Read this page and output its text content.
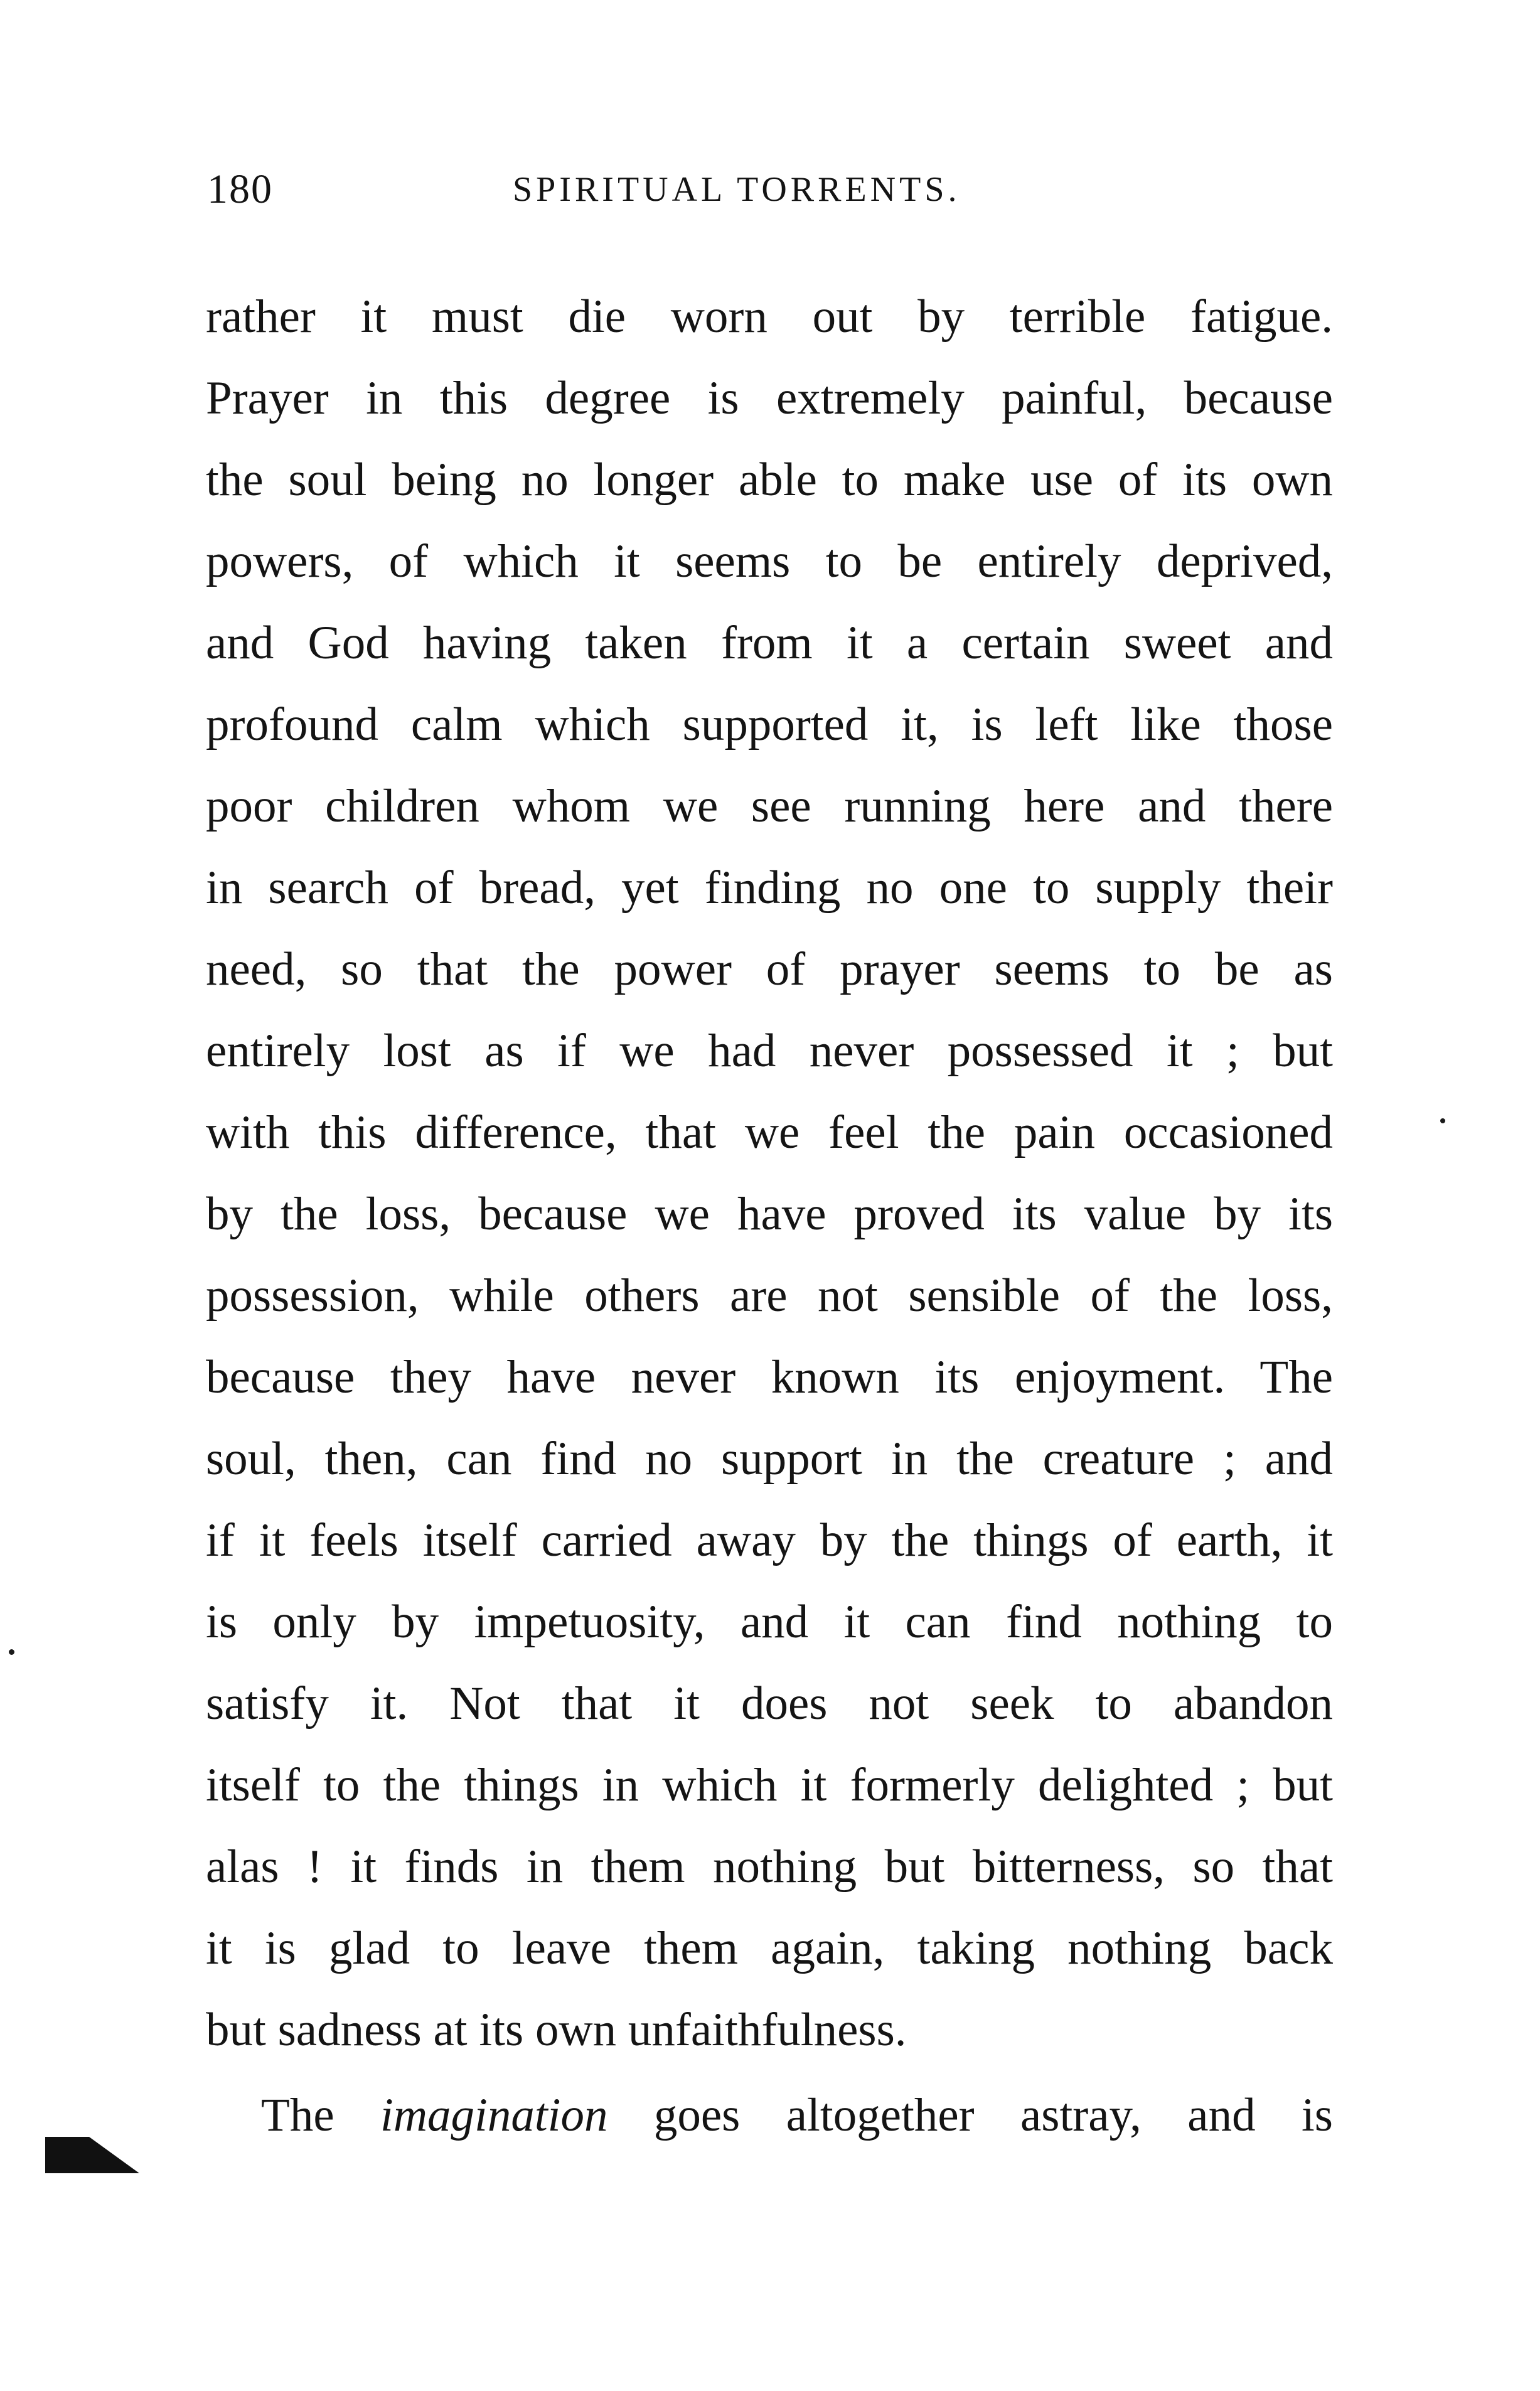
180	SPIRITUAL TORRENTS.
rather it must die worn out by terrible fatigue.
Prayer in this degree is extremely painful, because
the soul being no longer able to make use of its own
powers, of which it seems to be entirely deprived,
and God having taken from it a certain sweet and
profound calm which supported it, is left like those
poor children whom we see running here and there
in search of bread, yet finding no one to supply their
need, so that the power of prayer seems to be as
entirely lost as if we had never possessed it ; but
with this difference, that we feel the pain occasioned
by the loss, because we have proved its value by its
possession, while others are not sensible of the loss,
because they have never known its enjoyment. The
soul, then, can find no support in the creature ; and
if it feels itself carried away by the things of earth, it
is only by impetuosity, and it can find nothing to
satisfy it. Not that it does not seek to abandon
itself to the things in which it formerly delighted ; but
alas ! it finds in them nothing but bitterness, so that
it is glad to leave them again, taking nothing back
but sadness at its own unfaithfulness.
The imagination goes altogether astray, and is
